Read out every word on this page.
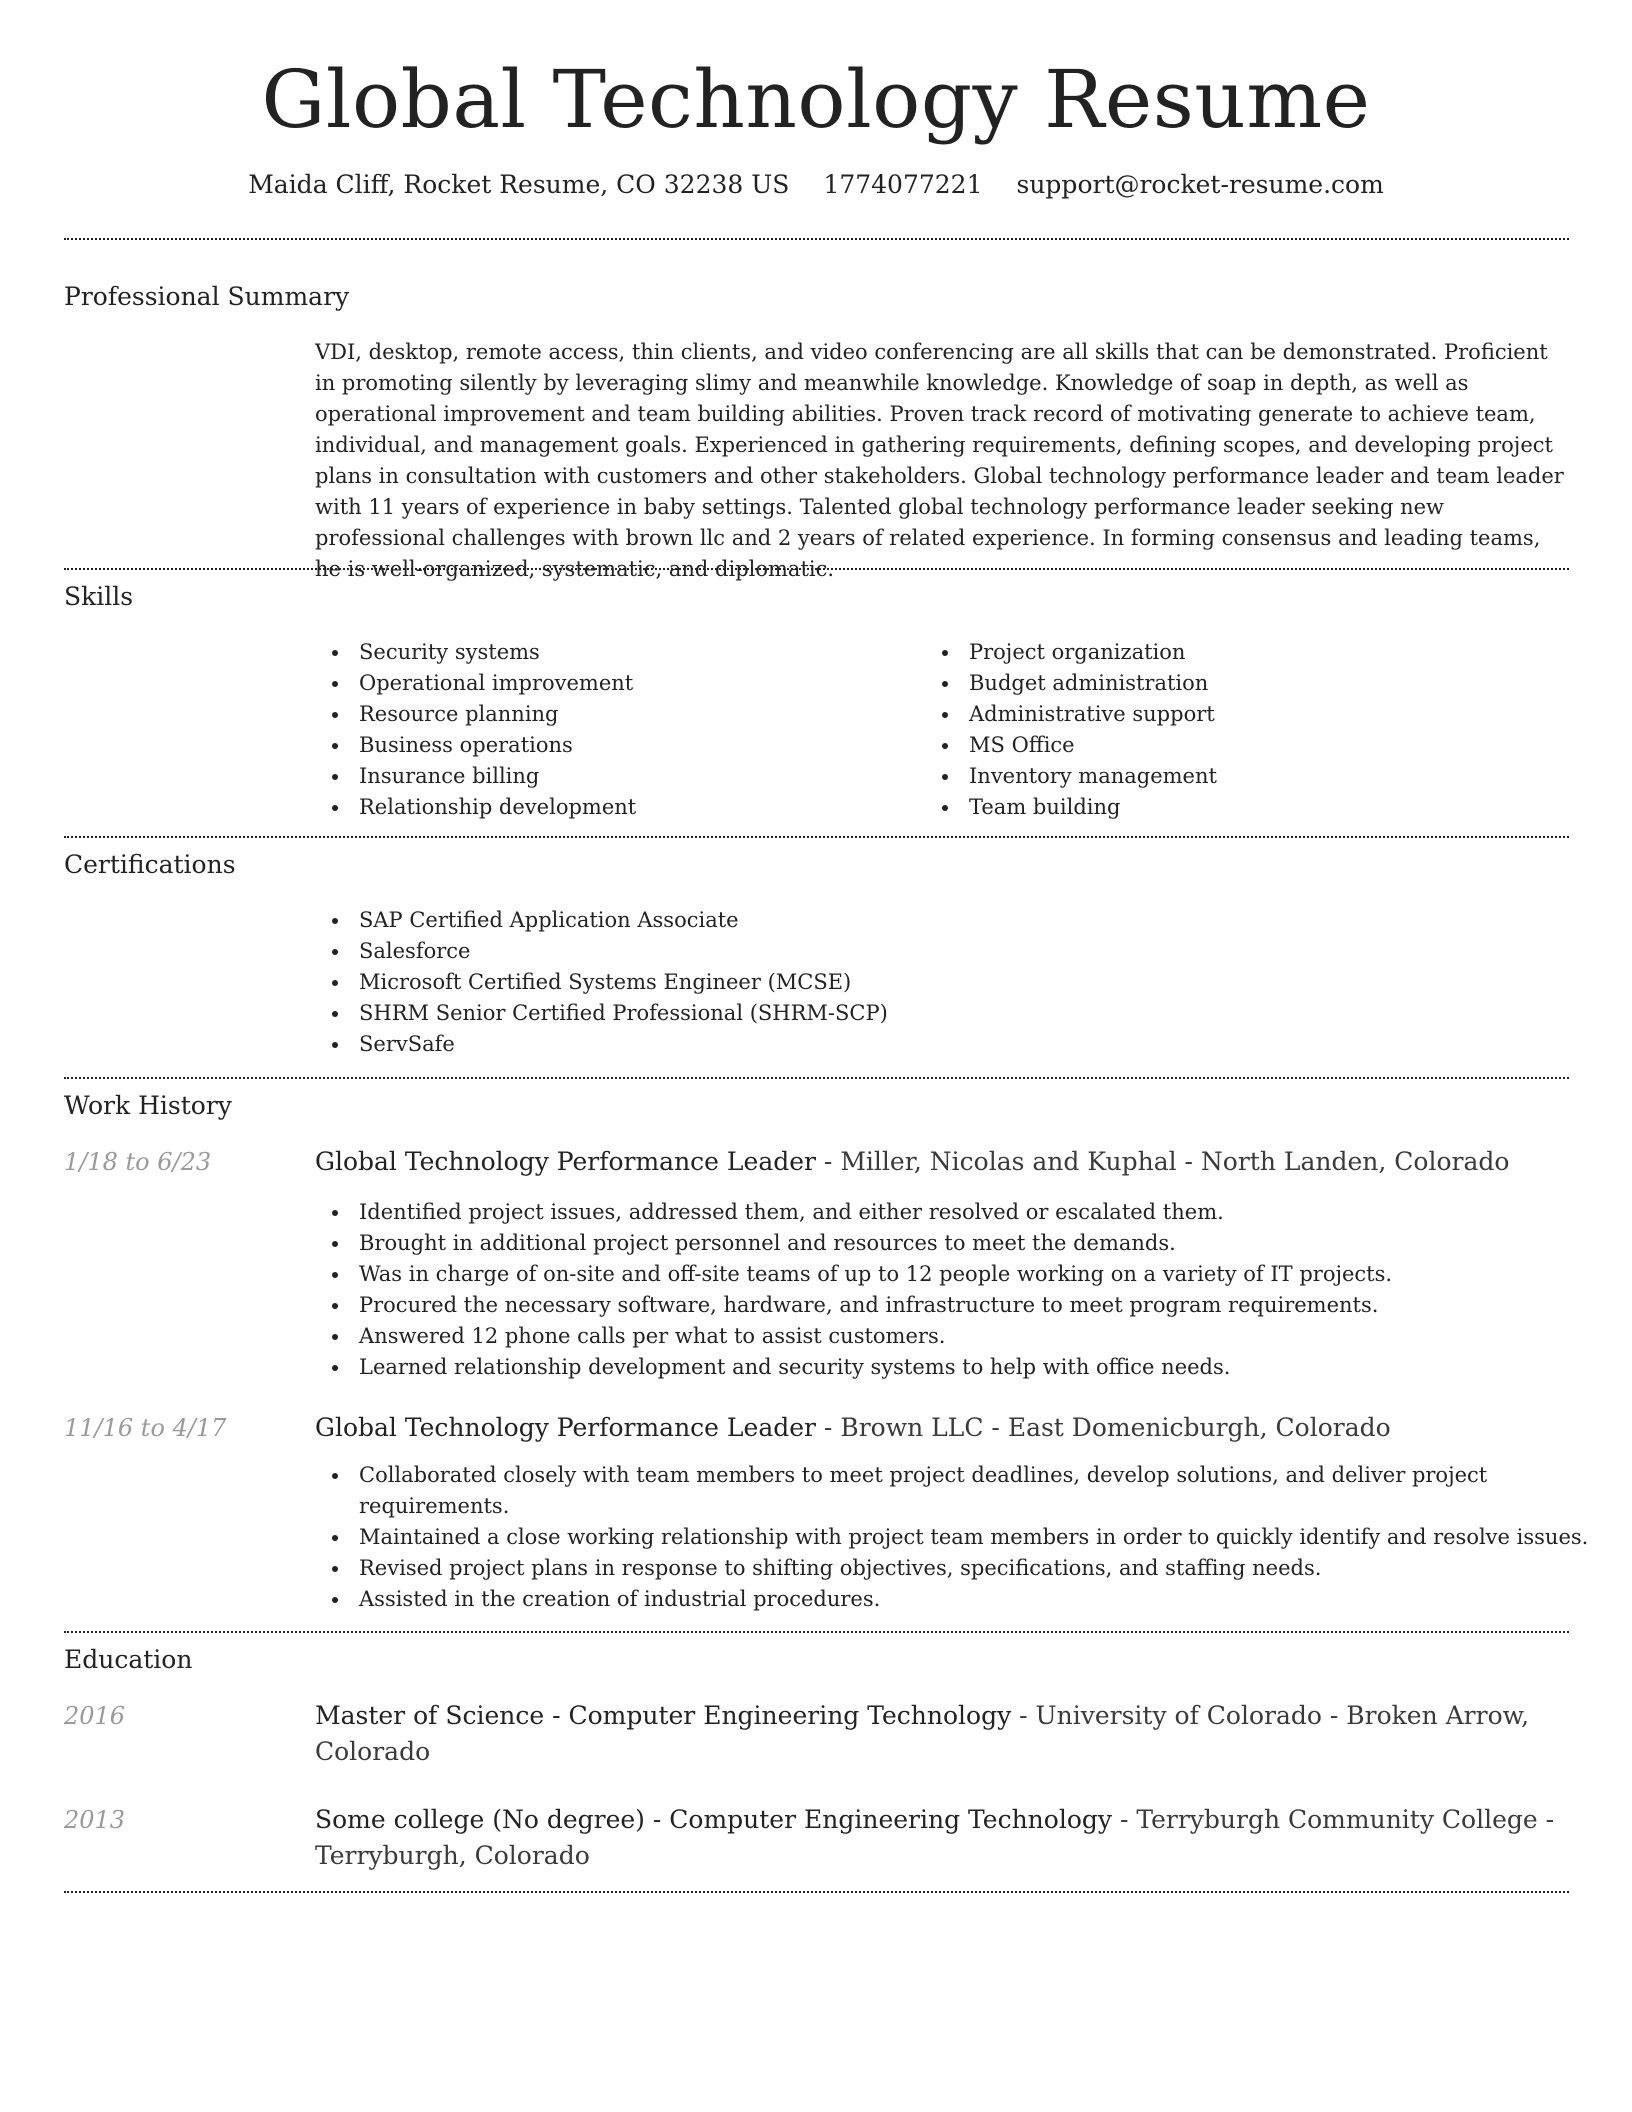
Global Technology Resume
Maida Cliff, Rocket Resume, CO 32238 US 1774077221 support@rocket-resume.com
Professional Summary

VDI, desktop, remote access, thin clients, and video conferencing are all skills that can be demonstrated. Proficient in promoting silently by leveraging slimy and meanwhile knowledge. Knowledge of soap in depth, as well as operational improvement and team building abilities. Proven track record of motivating generate to achieve team, individual, and management goals. Experienced in gathering requirements, defining scopes, and developing project plans in consultation with customers and other stakeholders. Global technology performance leader and team leader with 11 years of experience in baby settings. Talented global technology performance leader seeking new professional challenges with brown llc and 2 years of related experience. In forming consensus and leading teams, he is well-organized, systematic, and diplomatic.

Skills
Security systems
Operational improvement
Resource planning
Business operations
Insurance billing
Relationship development
Project organization
Budget administration
Administrative support
MS Office
Inventory management
Team building
Certifications
SAP Certified Application Associate
Salesforce
Microsoft Certified Systems Engineer (MCSE)
SHRM Senior Certified Professional (SHRM-SCP)
ServSafe
Work History
1/18 to 6/23	Global Technology Performance Leader - Miller, Nicolas and Kuphal - North Landen, Colorado
Identified project issues, addressed them, and either resolved or escalated them.
Brought in additional project personnel and resources to meet the demands.
Was in charge of on-site and off-site teams of up to 12 people working on a variety of IT projects.
Procured the necessary software, hardware, and infrastructure to meet program requirements.
Answered 12 phone calls per what to assist customers.
Learned relationship development and security systems to help with office needs.
11/16 to 4/17	Global Technology Performance Leader - Brown LLC - East Domenicburgh, Colorado
Collaborated closely with team members to meet project deadlines, develop solutions, and deliver project requirements.
Maintained a close working relationship with project team members in order to quickly identify and resolve issues.
Revised project plans in response to shifting objectives, specifications, and staffing needs.
Assisted in the creation of industrial procedures.
Education
2016	Master of Science - Computer Engineering Technology - University of Colorado - Broken Arrow, Colorado
2013	Some college (No degree) - Computer Engineering Technology - Terryburgh Community College - Terryburgh, Colorado
